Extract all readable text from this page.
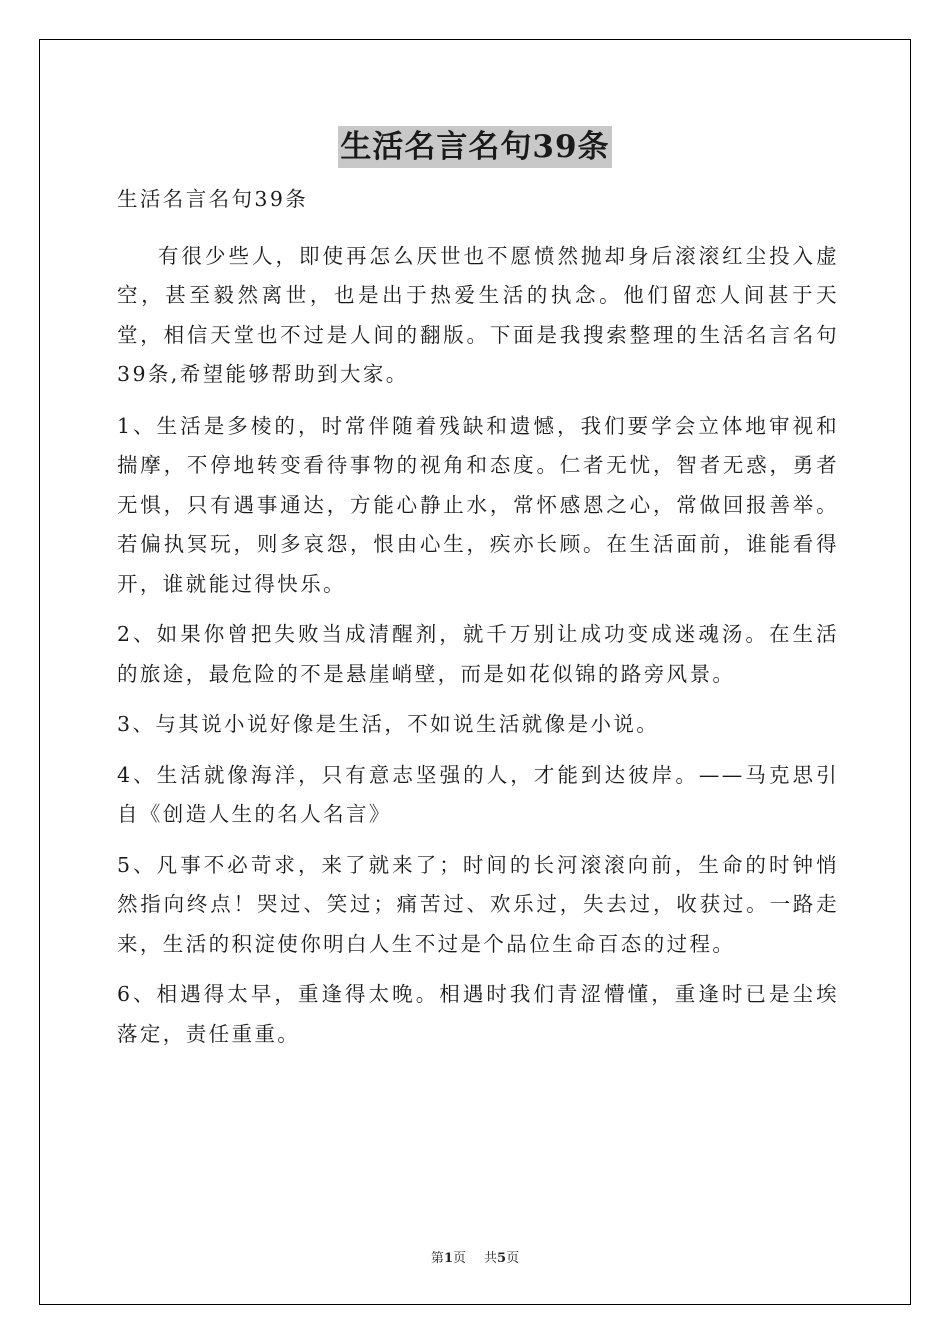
生活名言名句39条

生活名言名句39条

有很少些人，即使再怎么厌世也不愿愤然抛却身后滚滚红尘投入虚空，甚至毅然离世，也是出于热爱生活的执念。他们留恋人间甚于天堂，相信天堂也不过是人间的翻版。下面是我搜索整理的生活名言名句39条,希望能够帮助到大家。

1、生活是多棱的，时常伴随着残缺和遗憾，我们要学会立体地审视和揣摩，不停地转变看待事物的视角和态度。仁者无忧，智者无惑，勇者无惧，只有遇事通达，方能心静止水，常怀感恩之心，常做回报善举。若偏执冥玩，则多哀怨，恨由心生，疾亦长顾。在生活面前，谁能看得开，谁就能过得快乐。

2、如果你曾把失败当成清醒剂，就千万别让成功变成迷魂汤。在生活的旅途，最危险的不是悬崖峭壁，而是如花似锦的路旁风景。

3、与其说小说好像是生活，不如说生活就像是小说。

4、生活就像海洋，只有意志坚强的人，才能到达彼岸。——马克思引自《创造人生的名人名言》

5、凡事不必苛求，来了就来了；时间的长河滚滚向前，生命的时钟悄然指向终点！哭过、笑过；痛苦过、欢乐过，失去过，收获过。一路走来，生活的积淀使你明白人生不过是个品位生命百态的过程。

6、相遇得太早，重逢得太晚。相遇时我们青涩懵懂，重逢时已是尘埃落定，责任重重。

第1页 共5页
